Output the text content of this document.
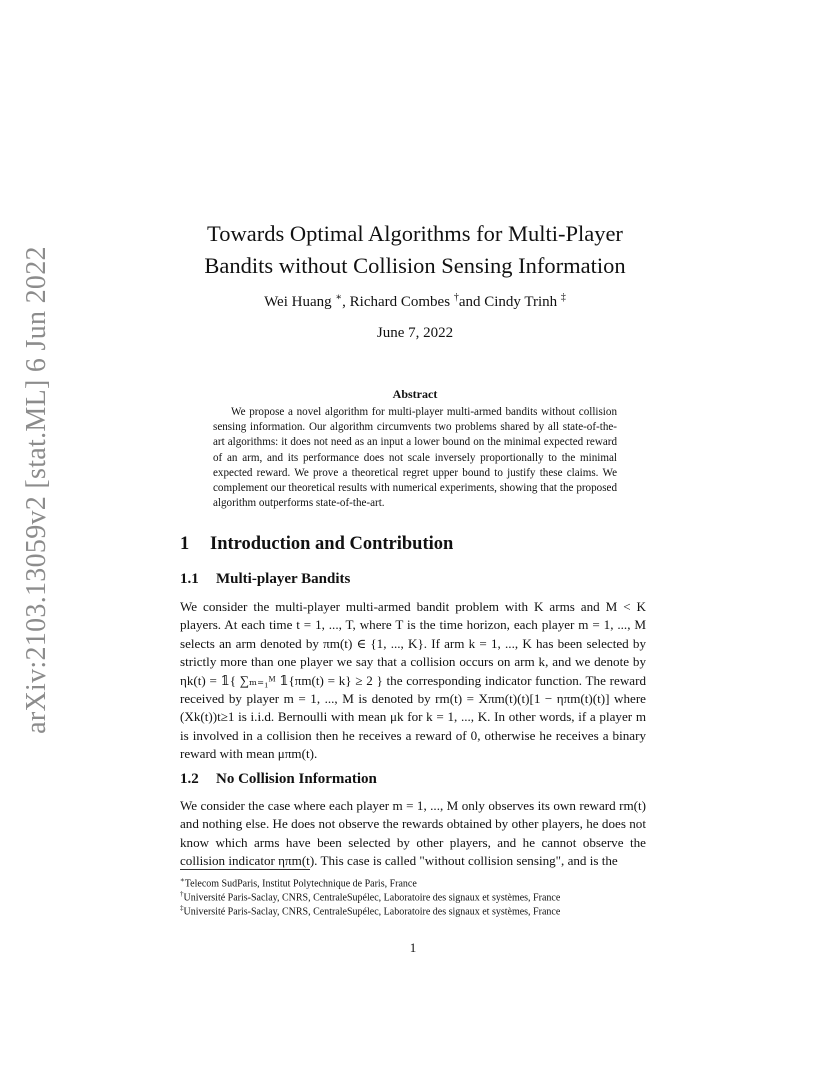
arXiv:2103.13059v2 [stat.ML] 6 Jun 2022
Towards Optimal Algorithms for Multi-Player
Bandits without Collision Sensing Information
Wei Huang ∗, Richard Combes †and Cindy Trinh ‡
June 7, 2022
Abstract
We propose a novel algorithm for multi-player multi-armed bandits without collision sensing information. Our algorithm circumvents two problems shared by all state-of-the-art algorithms: it does not need as an input a lower bound on the minimal expected reward of an arm, and its performance does not scale inversely proportionally to the minimal expected reward. We prove a theoretical regret upper bound to justify these claims. We complement our theoretical results with numerical experiments, showing that the proposed algorithm outperforms state-of-the-art.
1 Introduction and Contribution
1.1 Multi-player Bandits
We consider the multi-player multi-armed bandit problem with K arms and M < K players. At each time t = 1, ..., T, where T is the time horizon, each player m = 1, ..., M selects an arm denoted by πm(t) ∈ {1, ..., K}. If arm k = 1, ..., K has been selected by strictly more than one player we say that a collision occurs on arm k, and we denote by ηk(t) = 𝟙{ ∑ₘ₌₁ᴹ 𝟙{πm(t) = k} ≥ 2 } the corresponding indicator function. The reward received by player m = 1, ..., M is denoted by rm(t) = Xπm(t)(t)[1 − ηπm(t)(t)] where (Xk(t))t≥1 is i.i.d. Bernoulli with mean μk for k = 1, ..., K. In other words, if a player m is involved in a collision then he receives a reward of 0, otherwise he receives a binary reward with mean μπm(t).
1.2 No Collision Information
We consider the case where each player m = 1, ..., M only observes its own reward rm(t) and nothing else. He does not observe the rewards obtained by other players, he does not know which arms have been selected by other players, and he cannot observe the collision indicator ηπm(t). This case is called "without collision sensing", and is the
∗Telecom SudParis, Institut Polytechnique de Paris, France
†Université Paris-Saclay, CNRS, CentraleSupélec, Laboratoire des signaux et systèmes, France
‡Université Paris-Saclay, CNRS, CentraleSupélec, Laboratoire des signaux et systèmes, France
1
